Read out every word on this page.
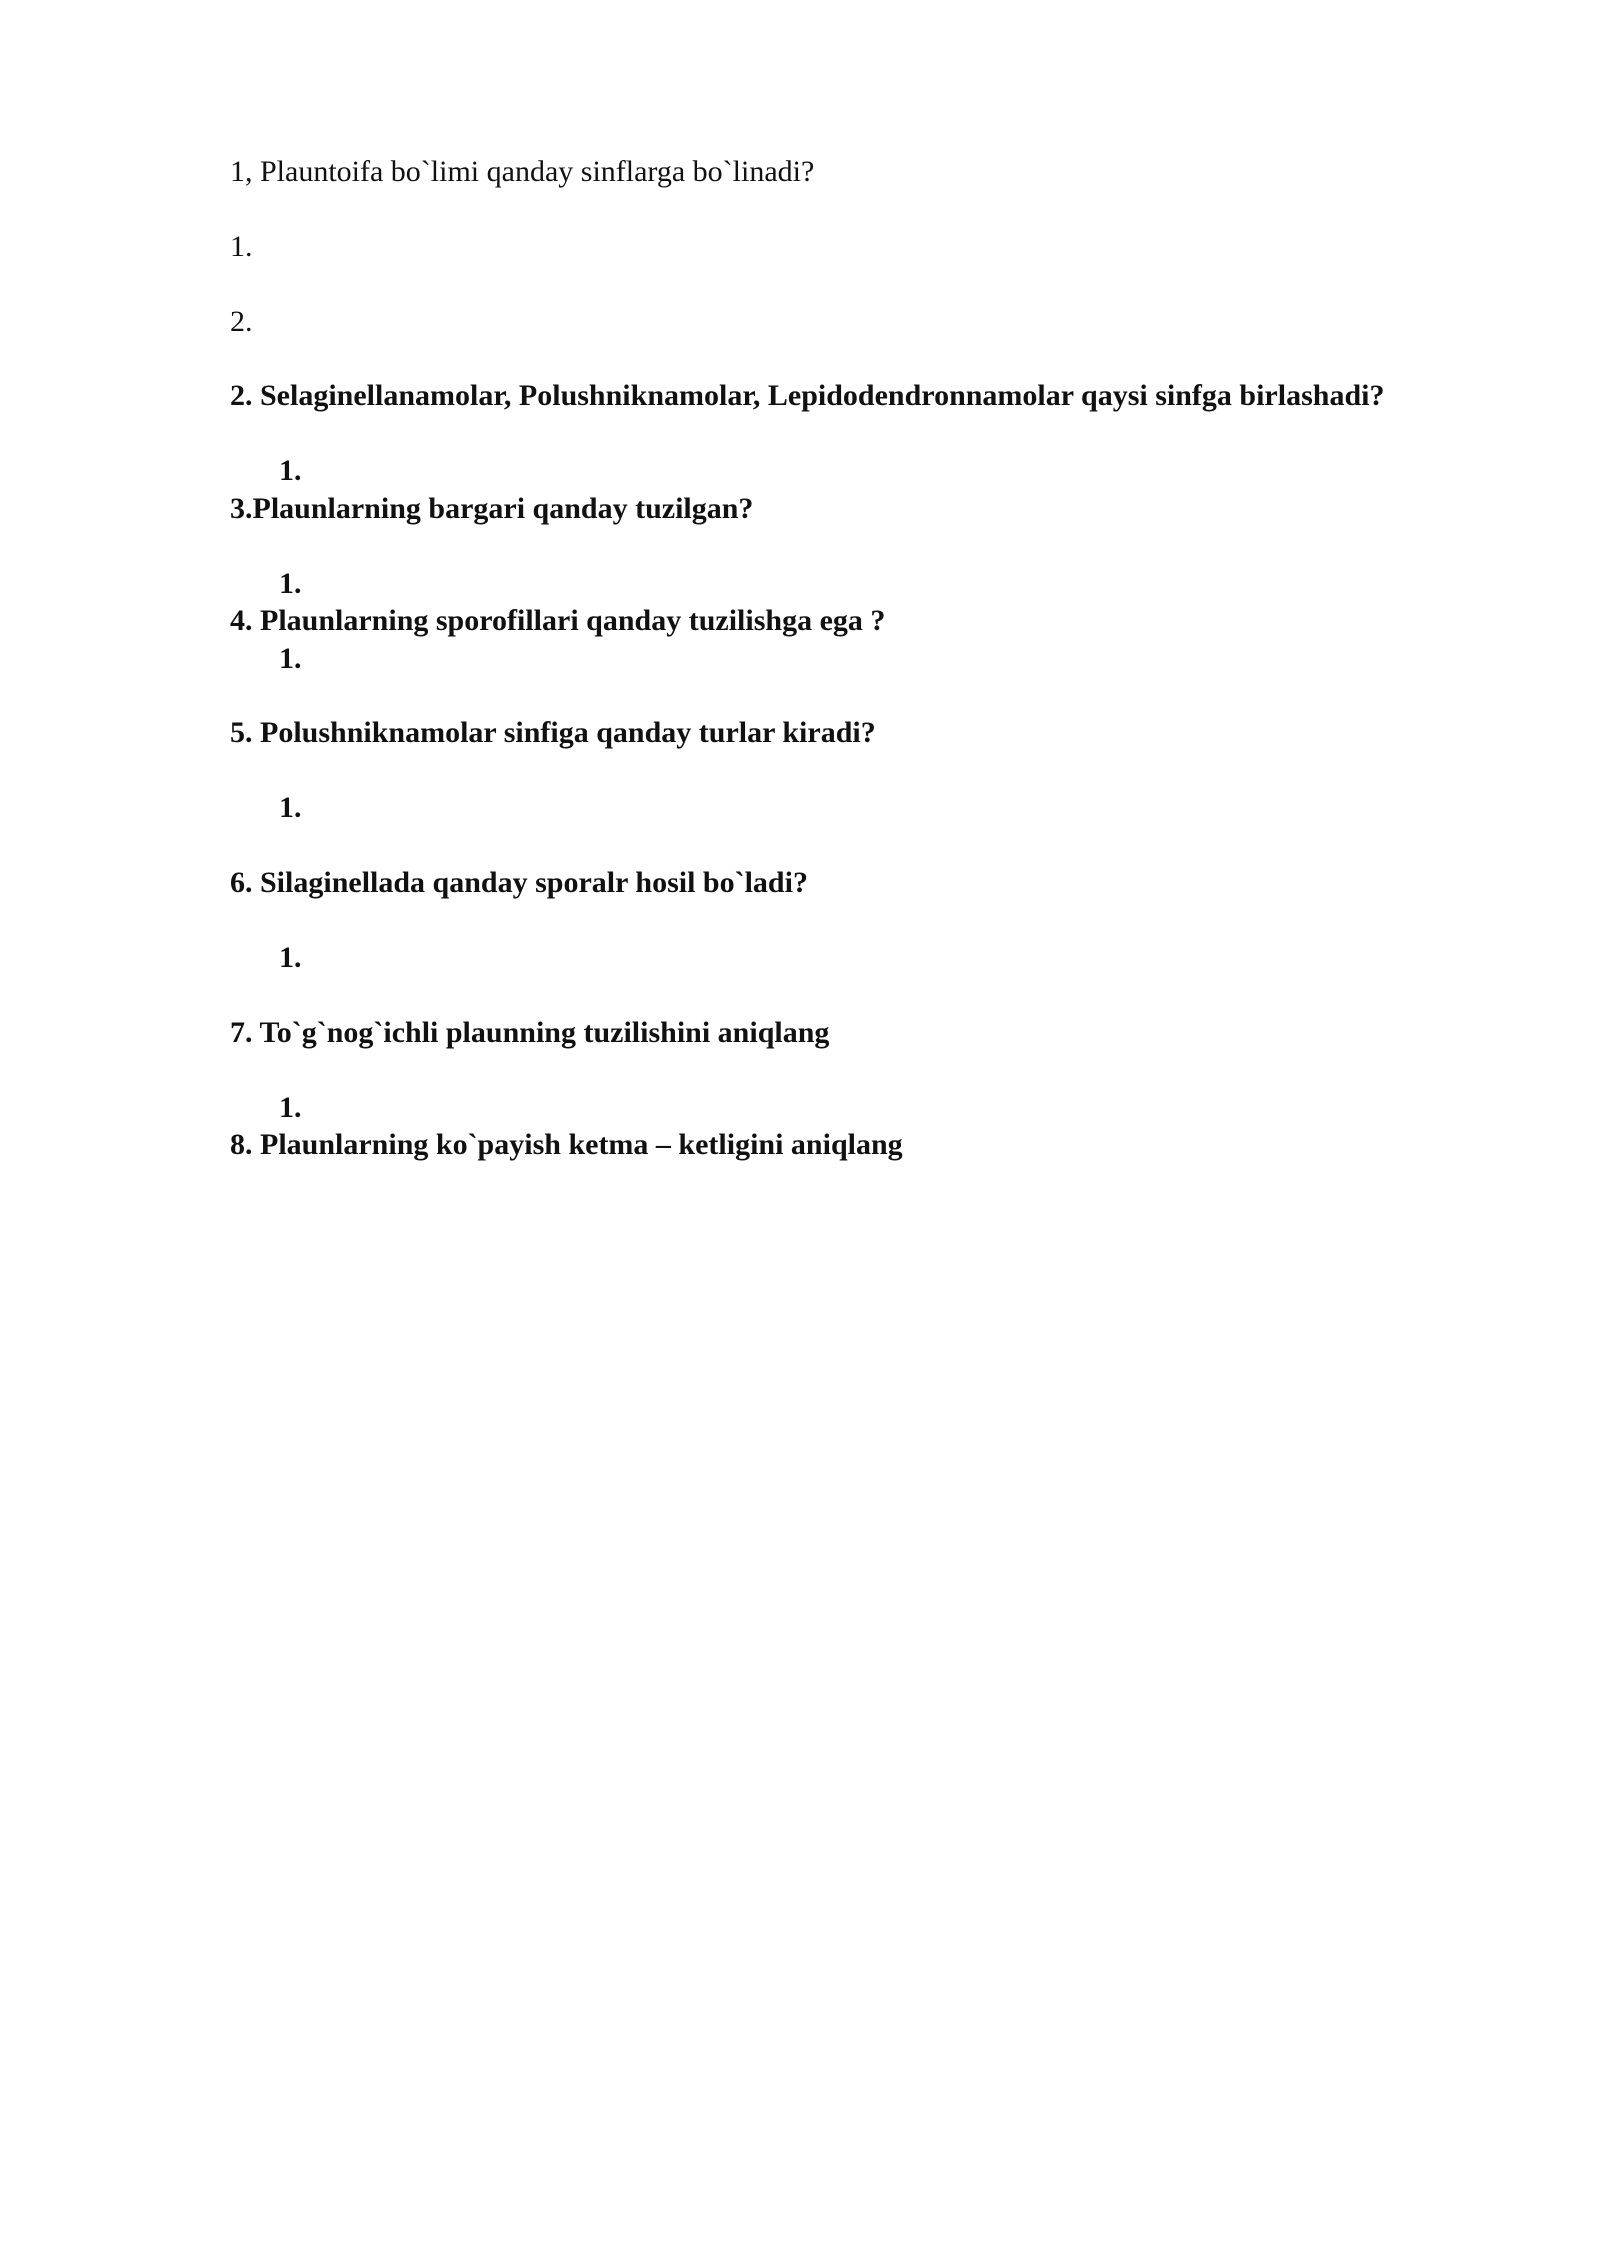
1, Plauntoifa bo`limi qanday sinflarga bo`linadi?
1.
2.
2. Selaginellanamolar, Polushniknamolar, Lepidodendronnamolar qaysi sinfga birlashadi?
1.
3.Plaunlarning bargari qanday tuzilgan?
1.
4. Plaunlarning sporofillari qanday tuzilishga ega ?
1.
5. Polushniknamolar sinfiga qanday turlar kiradi?
1.
6. Silaginellada qanday sporalr hosil bo`ladi?
1.
7. To`g`nog`ichli plaunning tuzilishini aniqlang
1.
8. Plaunlarning ko`payish ketma – ketligini aniqlang
